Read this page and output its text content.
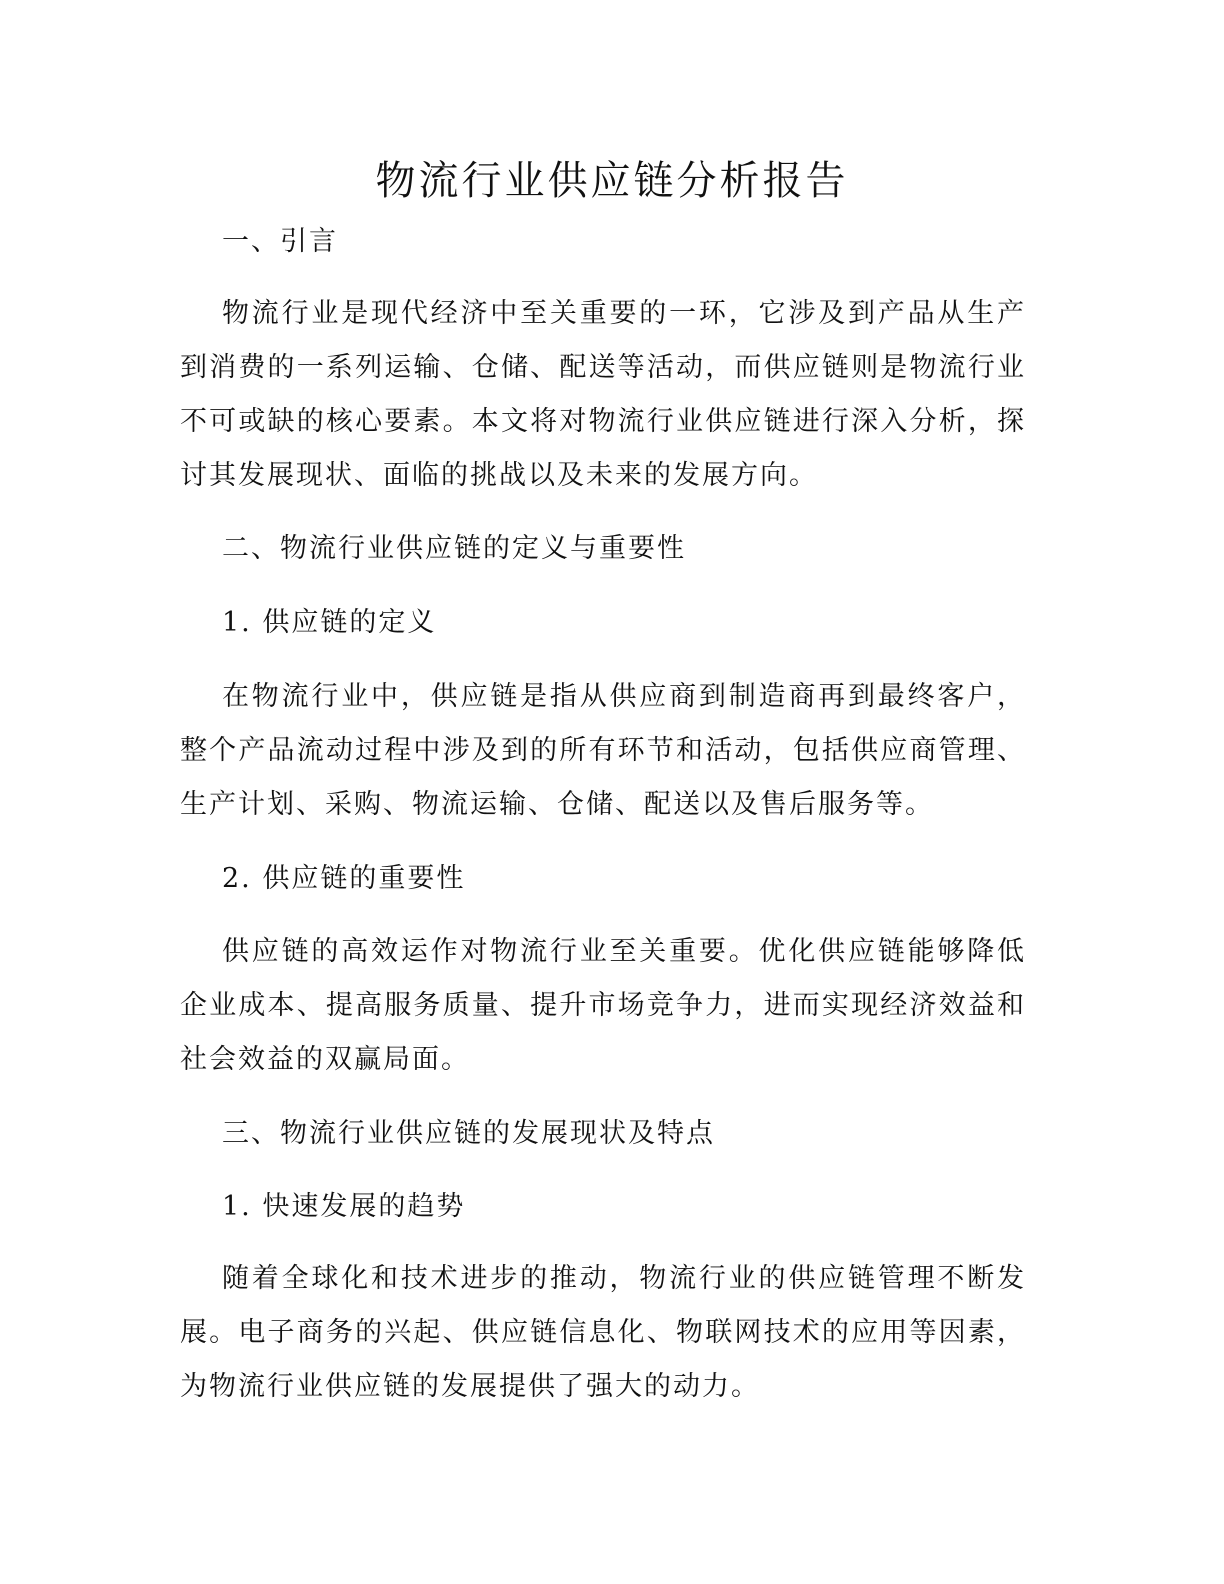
物流行业供应链分析报告

一、引言

物流行业是现代经济中至关重要的一环，它涉及到产品从生产到消费的一系列运输、仓储、配送等活动，而供应链则是物流行业不可或缺的核心要素。本文将对物流行业供应链进行深入分析，探讨其发展现状、面临的挑战以及未来的发展方向。

二、物流行业供应链的定义与重要性

1. 供应链的定义

在物流行业中，供应链是指从供应商到制造商再到最终客户，整个产品流动过程中涉及到的所有环节和活动，包括供应商管理、生产计划、采购、物流运输、仓储、配送以及售后服务等。

2. 供应链的重要性

供应链的高效运作对物流行业至关重要。优化供应链能够降低企业成本、提高服务质量、提升市场竞争力，进而实现经济效益和社会效益的双赢局面。

三、物流行业供应链的发展现状及特点

1. 快速发展的趋势

随着全球化和技术进步的推动，物流行业的供应链管理不断发展。电子商务的兴起、供应链信息化、物联网技术的应用等因素，为物流行业供应链的发展提供了强大的动力。
